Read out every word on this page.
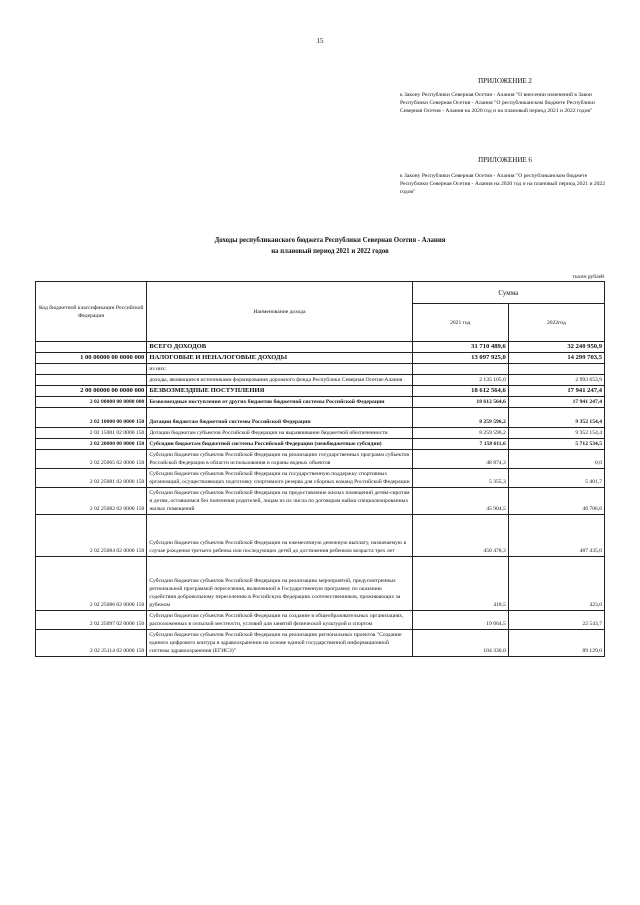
15
ПРИЛОЖЕНИЕ 2
к Закону Республики Северная Осетия - Алания "О внесении изменений в Закон Республики Северная Осетия - Алания "О республиканском бюджете Республики Северная Осетия - Алания на 2020 год и на плановый период 2021 и 2022 годов"
ПРИЛОЖЕНИЕ 6
к Закону Республики Северная Осетия - Алания "О республиканском бюджете Республики Северная Осетия - Алания на 2020 год и на плановый период 2021 и 2022 годов"
Доходы республиканского бюджета Республики Северная Осетия - Алания
на плановый период 2021 и 2022 годов
тысяч рублей
Код бюджетной классификации Российской Федерации	Наименование дохода	Сумма	
		2021 год	2022год
	ВСЕГО ДОХОДОВ	31 710 489,6	32 240 950,9
1 00 00000 00 0000 000	НАЛОГОВЫЕ И НЕНАЛОГОВЫЕ ДОХОДЫ	13 097 925,0	14 299 703,5
	из них:		
	доходы, являющиеся источниками формирования дорожного фонда Республики Северная Осетия-Алания	2 135 105,0	2 993 653,9
2 00 00000 00 0000 000	БЕЗВОЗМЕЗДНЫЕ ПОСТУПЛЕНИЯ	18 612 564,6	17 941 247,4
2 02 00000 00 0000 000	Безвозмездные поступления от других бюджетов бюджетной системы Российской Федерации	18 612 564,6	17 941 247,4
2 02 10000 00 0000 150	Дотации бюджетам бюджетной системы Российской Федерации	8 259 596,2	9 352 154,4
2 02 15001 02 0000 150	Дотации бюджетам субъектов Российской Федерации на выравнивание бюджетной обеспеченности	8 259 596,2	9 352 154,4
2 02 20000 00 0000 150	Субсидии бюджетам бюджетной системы Российской Федерации (межбюджетные субсидии)	7 158 611,6	5 712 534,5
2 02 25065 02 0000 150	Субсидии бюджетам субъектов Российской Федерации на реализацию государственных программ субъектов Российской Федерации в области использования и охраны водных объектов	48 874,3	0,0
2 02 25081 02 0000 150	Субсидии бюджетам субъектов Российской Федерации на государственную поддержку спортивных организаций, осуществляющих подготовку спортивного резерва для сборных команд Российской Федерации	5 355,3	5 401,7
2 02 25082 02 0000 150	Субсидии бюджетам субъектов Российской Федерации на предоставление жилых помещений детям-сиротам и детям, оставшимся без попечения родителей, лицам из их числа по договорам найма специализированных жилых помещений	45 904,5	46 706,6
2 02 25084 02 0000 150	Субсидии бюджетам субъектов Российской Федерации на ежемесячную денежную выплату, назначаемую в случае рождения третьего ребенка или последующих детей до достижения ребенком возраста трех лет	450 478,3	487 435,0
2 02 25086 02 0000 150	Субсидии бюджетам субъектов Российской Федерации на реализацию мероприятий, предусмотренных региональной программой переселения, включенной в Государственную программу по оказанию содействия добровольному переселению в Российскую Федерацию соотечественников, проживающих за рубежом	418,5	423,0
2 02 25097 02 0000 150	Субсидии бюджетам субъектов Российской Федерации на создание в общеобразовательных организациях, расположенных в сельской местности, условий для занятий физической культурой и спортом	19 064,5	22 543,7
2 02 25114 02 0000 150	Субсидии бюджетам субъектов Российской Федерации на реализацию региональных проектов "Создание единого цифрового контура в здравоохранении на основе единой государственной информационной системы здравоохранения (ЕГИСЗ)"	104 330,0	89 129,0
